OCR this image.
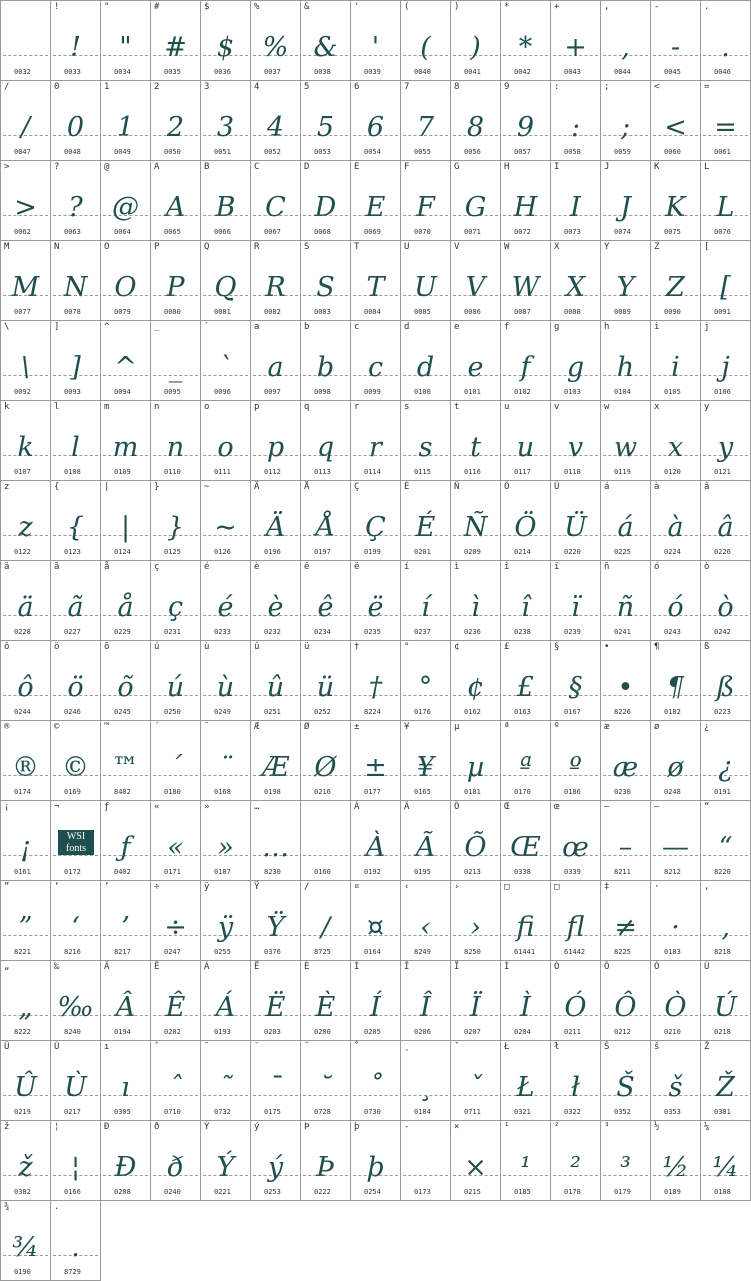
0032
!
!
0033
"
"
0034
#
#
0035
$
$
0036
%
%
0037
&
&
0038
'
'
0039
(
(
0040
)
)
0041
*
*
0042
+
+
0043
,
,
0044
-
-
0045
.
.
0046
/
/
0047
0
0
0048
1
1
0049
2
2
0050
3
3
0051
4
4
0052
5
5
0053
6
6
0054
7
7
0055
8
8
0056
9
9
0057
:
:
0058
;
;
0059
<
<
0060
=
=
0061
>
>
0062
?
?
0063
@
@
0064
A
A
0065
B
B
0066
C
C
0067
D
D
0068
E
E
0069
F
F
0070
G
G
0071
H
H
0072
I
I
0073
J
J
0074
K
K
0075
L
L
0076
M
M
0077
N
N
0078
O
O
0079
P
P
0080
Q
Q
0081
R
R
0082
S
S
0083
T
T
0084
U
U
0085
V
V
0086
W
W
0087
X
X
0088
Y
Y
0089
Z
Z
0090
[
[
0091
\
\
0092
]
]
0093
^
^
0094
_
_
0095
`
`
0096
a
a
0097
b
b
0098
c
c
0099
d
d
0100
e
e
0101
f
f
0102
g
g
0103
h
h
0104
i
i
0105
j
j
0106
k
k
0107
l
l
0108
m
m
0109
n
n
0110
o
o
0111
p
p
0112
q
q
0113
r
r
0114
s
s
0115
t
t
0116
u
u
0117
v
v
0118
w
w
0119
x
x
0120
y
y
0121
z
z
0122
{
{
0123
|
|
0124
}
}
0125
~
~
0126
Ä
Ä
0196
Å
Å
0197
Ç
Ç
0199
É
É
0201
Ñ
Ñ
0209
Ö
Ö
0214
Ü
Ü
0220
á
á
0225
à
à
0224
â
â
0226
ä
ä
0228
ã
ã
0227
å
å
0229
ç
ç
0231
é
é
0233
è
è
0232
ê
ê
0234
ë
ë
0235
í
í
0237
ì
ì
0236
î
î
0238
ï
ï
0239
ñ
ñ
0241
ó
ó
0243
ò
ò
0242
ô
ô
0244
ö
ö
0246
õ
õ
0245
ú
ú
0250
ù
ù
0249
û
û
0251
ü
ü
0252
†
†
8224
°
°
0176
¢
¢
0162
£
£
0163
§
§
0167
•
•
8226
¶
¶
0182
ß
ß
0223
®
®
0174
©
©
0169
™
™
8482
´
´
0180
¨
¨
0168
Æ
Æ
0198
Ø
Ø
0216
±
±
0177
¥
¥
0165
µ
µ
0181
ª
ª
0170
º
º
0186
æ
æ
0230
ø
ø
0248
¿
¿
0191
¡
¡
0161
¬
WSI fonts
0172
ƒ
ƒ
0402
«
«
0171
»
»
0187
…
…
8230	0160
À
À
0192
Ã
Ã
0195
Õ
Õ
0213
Œ
Œ
0338
œ
œ
0339
–
–
8211
—
—
8212
“
“
8220
”
”
8221
‘
‘
8216
’
’
8217
÷
÷
0247
ÿ
ÿ
0255
Ÿ
Ÿ
0376
∕
∕
8725
¤
¤
0164
‹
‹
8249
›
›
8250
□
fi
61441
□
fl
61442
‡
≠
8225
·
·
0183
‚
‚
8218
„
„
8222
‰
‰
8240
Â
Â
0194
Ê
Ê
0202
Á
Á
0193
Ë
Ë
0203
È
È
0200
Í
Í
0205
Î
Î
0206
Ï
Ï
0207
Ì
Ì
0204
Ó
Ó
0211
Ô
Ô
0212
Ò
Ò
0210
Ú
Ú
0218
Û
Û
0219
Ù
Ù
0217
ı
ı
0305
ˆ
ˆ
0710
˜
˜
0732
¯
¯
0175
˘
˘
0728
˚
˚
0730
¸
¸
0184
ˇ
ˇ
0711
Ł
Ł
0321
ł
ł
0322
Š
Š
0352
š
š
0353
Ž
Ž
0381
ž
ž
0382
¦
¦
0166
Đ
Đ
0208
ð
ð
0240
Ý
Ý
0221
ý
ý
0253
Þ
Þ
0222
þ
þ
0254
-
0173
×
×
0215
¹
¹
0185
²
²
0178
³
³
0179
½
½
0189
¼
¼
0188
¾
¾
0190
.
.
8729
